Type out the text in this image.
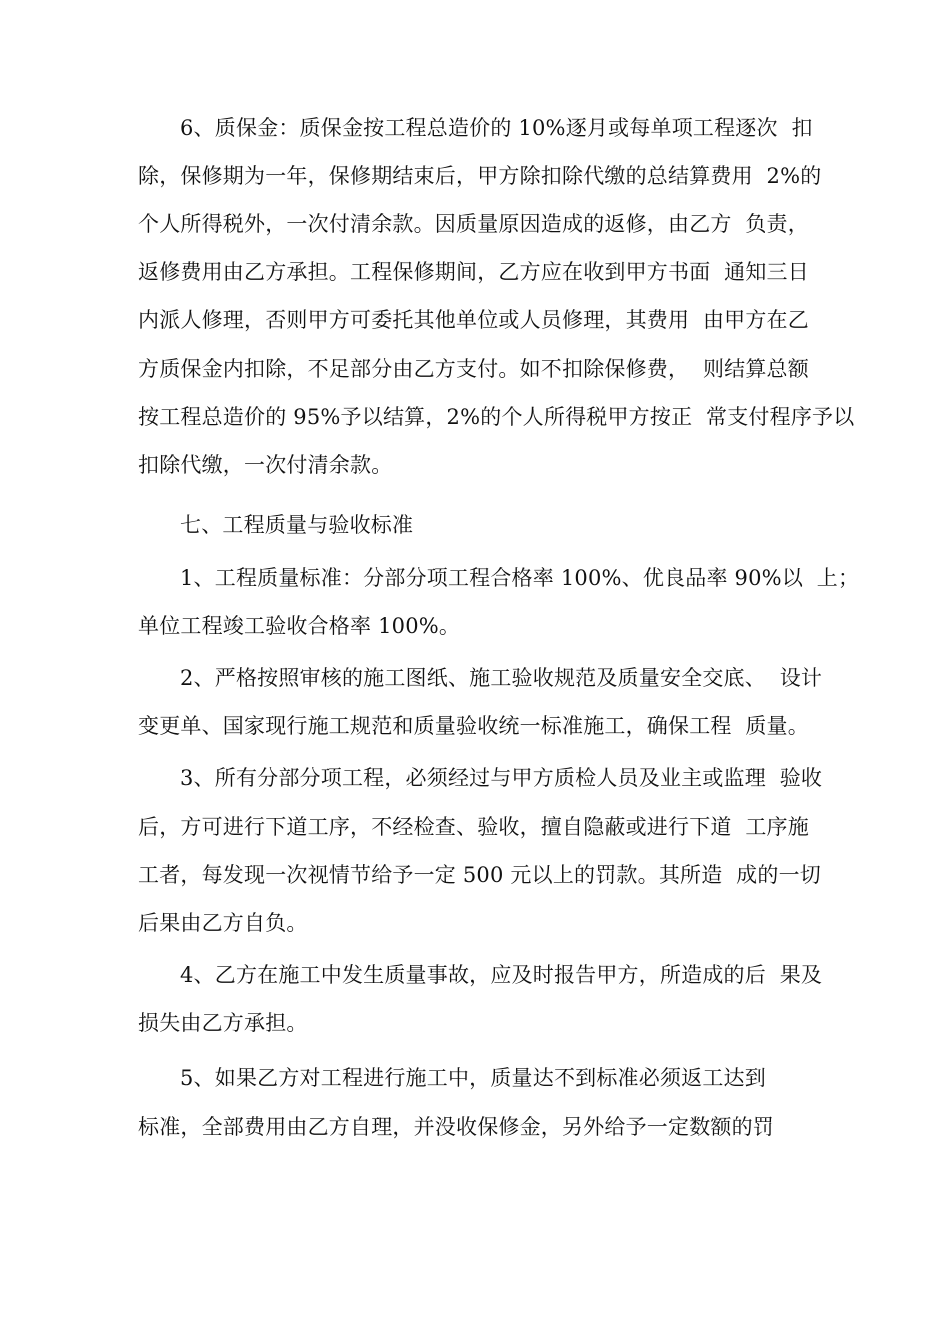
6、质保金：质保金按工程总造价的 10%逐月或每单项工程逐次  扣
除，保修期为一年，保修期结束后，甲方除扣除代缴的总结算费用  2%的
个人所得税外，一次付清余款。因质量原因造成的返修，由乙方  负责，
返修费用由乙方承担。工程保修期间，乙方应在收到甲方书面  通知三日
内派人修理，否则甲方可委托其他单位或人员修理，其费用  由甲方在乙
方质保金内扣除，不足部分由乙方支付。如不扣除保修费，  则结算总额
按工程总造价的 95%予以结算，2%的个人所得税甲方按正  常支付程序予以
扣除代缴，一次付清余款。
七、工程质量与验收标准
1、工程质量标准：分部分项工程合格率 100%、优良品率 90%以  上；
单位工程竣工验收合格率 100%。
2、严格按照审核的施工图纸、施工验收规范及质量安全交底、  设计
变更单、国家现行施工规范和质量验收统一标准施工，确保工程  质量。
3、所有分部分项工程，必须经过与甲方质检人员及业主或监理  验收
后，方可进行下道工序，不经检查、验收，擅自隐蔽或进行下道  工序施
工者，每发现一次视情节给予一定 500 元以上的罚款。其所造  成的一切
后果由乙方自负。
4、乙方在施工中发生质量事故，应及时报告甲方，所造成的后  果及
损失由乙方承担。
5、如果乙方对工程进行施工中，质量达不到标准必须返工达到
标准，全部费用由乙方自理，并没收保修金，另外给予一定数额的罚
